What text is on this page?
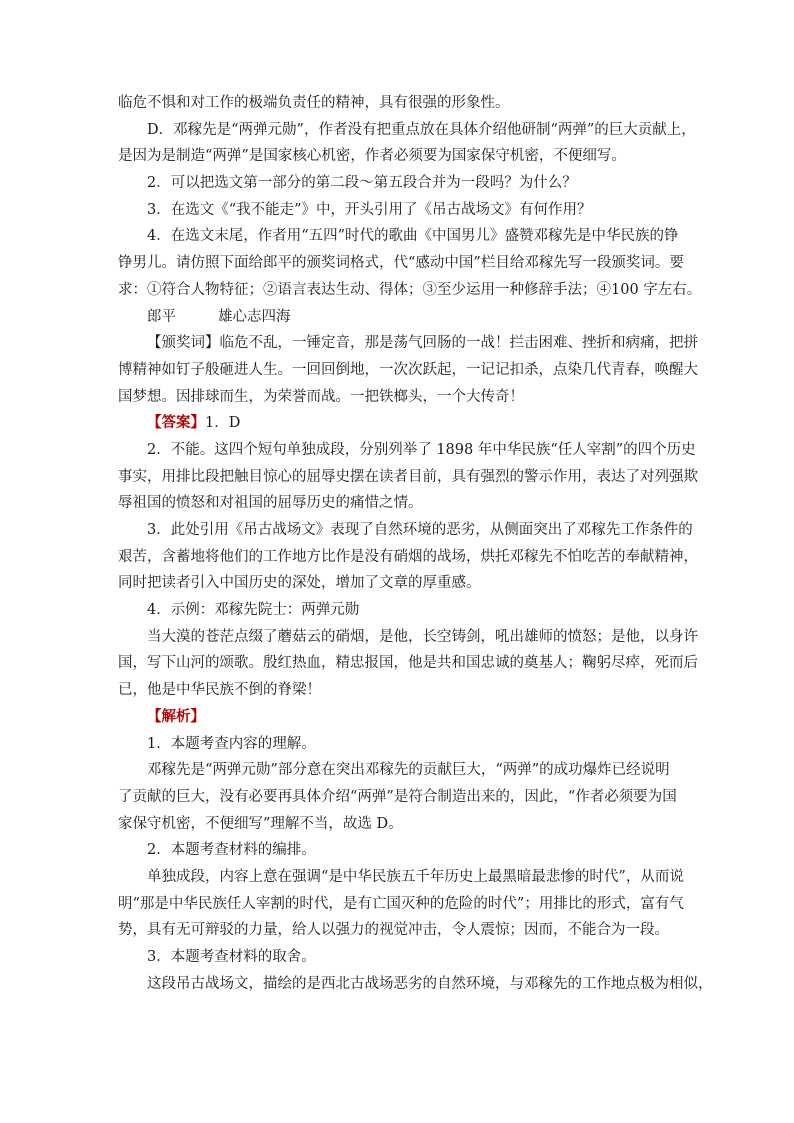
临危不惧和对工作的极端负责任的精神，具有很强的形象性。

D．邓稼先是“两弹元勋”，作者没有把重点放在具体介绍他研制“两弹”的巨大贡献上，

是因为是制造“两弹”是国家核心机密，作者必须要为国家保守机密，不便细写。

2．可以把选文第一部分的第二段～第五段合并为一段吗？为什么？

3．在选文《“我不能走”》中，开头引用了《吊古战场文》有何作用？

4．在选文末尾，作者用“五四”时代的歌曲《中国男儿》盛赞邓稼先是中华民族的铮

铮男儿。请仿照下面给郎平的颁奖词格式，代“感动中国”栏目给邓稼先写一段颁奖词。要

求：①符合人物特征；②语言表达生动、得体；③至少运用一种修辞手法；④100 字左右。

郎平	雄心志四海

【颁奖词】临危不乱，一锤定音，那是荡气回肠的一战！拦击困难、挫折和病痛，把拼

博精神如钉子般砸进人生。一回回倒地，一次次跃起，一记记扣杀，点染几代青春，唤醒大

国梦想。因排球而生，为荣誉而战。一把铁榔头，一个大传奇！

【答案】1．D

2．不能。这四个短句单独成段，分别列举了 1898 年中华民族“任人宰割”的四个历史

事实，用排比段把触目惊心的屈辱史摆在读者目前，具有强烈的警示作用，表达了对列强欺

辱祖国的愤怒和对祖国的屈辱历史的痛惜之情。

3．此处引用《吊古战场文》表现了自然环境的恶劣，从侧面突出了邓稼先工作条件的

艰苦，含蓄地将他们的工作地方比作是没有硝烟的战场，烘托邓稼先不怕吃苦的奉献精神，

同时把读者引入中国历史的深处，增加了文章的厚重感。

4．示例：邓稼先院士：两弹元勋

当大漠的苍茫点缀了蘑菇云的硝烟，是他，长空铸剑，吼出雄师的愤怒；是他，以身许

国，写下山河的颂歌。殷红热血，精忠报国，他是共和国忠诚的奠基人；鞠躬尽瘁，死而后

已，他是中华民族不倒的脊梁！

【解析】

1．本题考查内容的理解。

邓稼先是“两弹元勋”部分意在突出邓稼先的贡献巨大，“两弹”的成功爆炸已经说明

了贡献的巨大，没有必要再具体介绍“两弹”是符合制造出来的，因此，“作者必须要为国

家保守机密，不便细写”理解不当，故选 D。

2．本题考查材料的编排。

单独成段，内容上意在强调“是中华民族五千年历史上最黑暗最悲惨的时代”，从而说

明“那是中华民族任人宰割的时代，是有亡国灭种的危险的时代”；用排比的形式，富有气

势，具有无可辩驳的力量，给人以强力的视觉冲击，令人震惊；因而，不能合为一段。

3．本题考查材料的取舍。

这段吊古战场文，描绘的是西北古战场恶劣的自然环境，与邓稼先的工作地点极为相似，
